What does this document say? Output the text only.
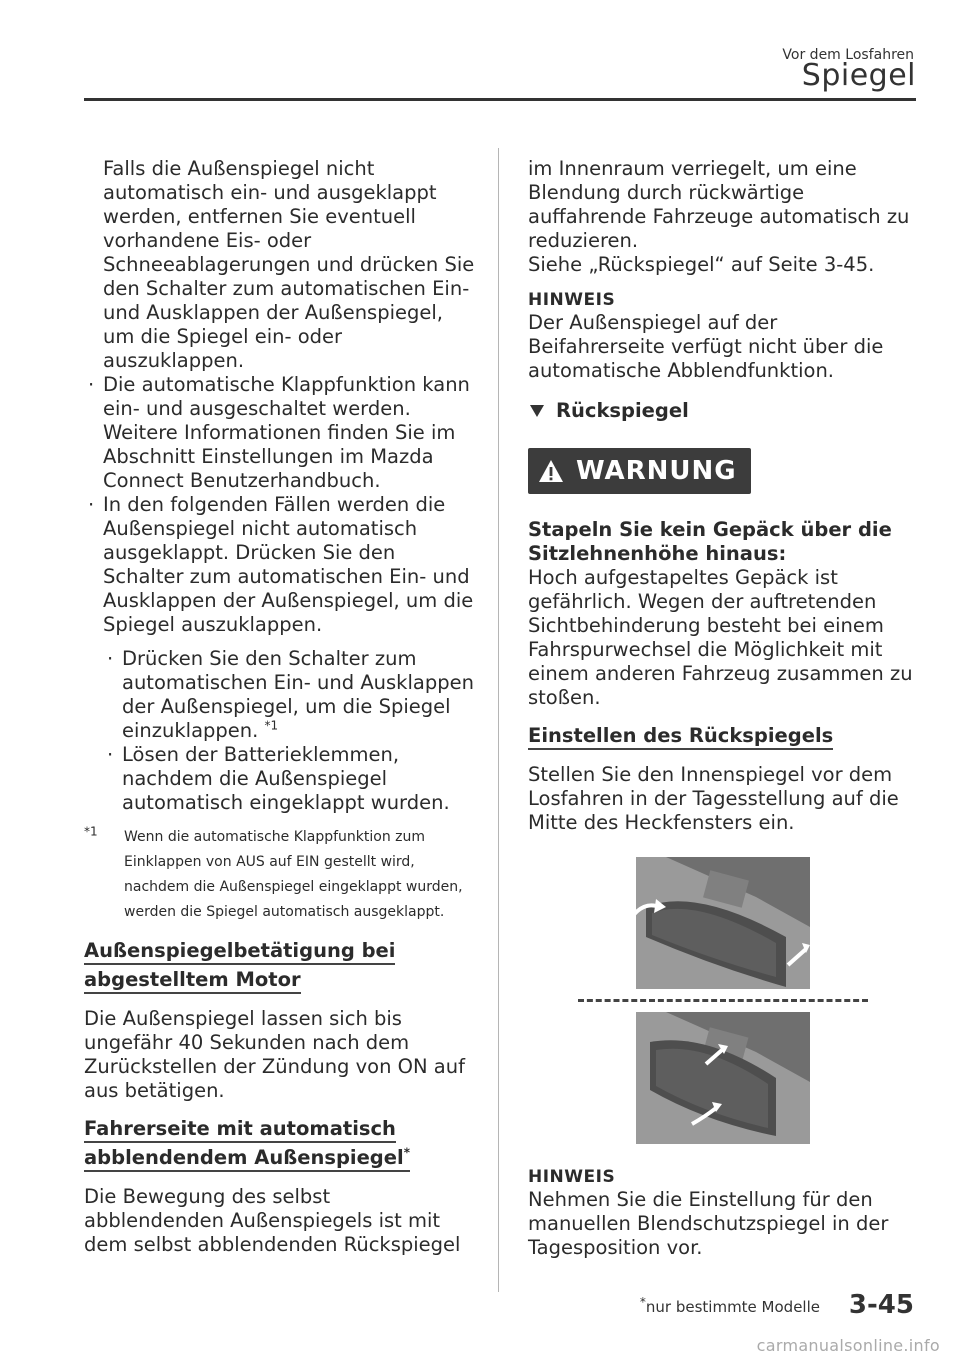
Vor dem Losfahren
Spiegel

Falls die Außenspiegel nicht automatisch ein- und ausgeklappt werden, entfernen Sie eventuell vorhandene Eis- oder Schneeablagerungen und drücken Sie den Schalter zum automatischen Ein- und Ausklappen der Außenspiegel, um die Spiegel ein- oder auszuklappen.

· Die automatische Klappfunktion kann ein- und ausgeschaltet werden. Weitere Informationen finden Sie im Abschnitt Einstellungen im Mazda Connect Benutzerhandbuch.

· In den folgenden Fällen werden die Außenspiegel nicht automatisch ausgeklappt. Drücken Sie den Schalter zum automatischen Ein- und Ausklappen der Außenspiegel, um die Spiegel auszuklappen.

· Drücken Sie den Schalter zum automatischen Ein- und Ausklappen der Außenspiegel, um die Spiegel einzuklappen. $^{*1}$

· Lösen der Batterieklemmen, nachdem die Außenspiegel automatisch eingeklappt wurden.

*1 Wenn die automatische Klappfunktion zum Einklappen von AUS auf EIN gestellt wird, nachdem die Außenspiegel eingeklappt wurden, werden die Spiegel automatisch ausgeklappt.

Außenspiegelbetätigung bei
abgestelltem Motor

Die Außenspiegel lassen sich bis ungefähr 40 Sekunden nach dem Zurückstellen der Zündung von ON auf aus betätigen.

Fahrerseite mit automatisch
abblendendem Außenspiegel*

Die Bewegung des selbst abblendenden Außenspiegels ist mit dem selbst abblendenden Rückspiegel

im Innenraum verriegelt, um eine Blendung durch rückwärtige auffahrende Fahrzeuge automatisch zu reduzieren.

Siehe „Rückspiegel“ auf Seite 3-45.

HINWEIS

Der Außenspiegel auf der Beifahrerseite verfügt nicht über die automatische Abblendfunktion.

Rückspiegel
WARNUNG

Stapeln Sie kein Gepäck über die Sitzlehnenhöhe hinaus:

Hoch aufgestapeltes Gepäck ist gefährlich. Wegen der auftretenden Sichtbehinderung besteht bei einem Fahrspurwechsel die Möglichkeit mit einem anderen Fahrzeug zusammen zu stoßen.

Einstellen des Rückspiegels

Stellen Sie den Innenspiegel vor dem Losfahren in der Tagesstellung auf die Mitte des Heckfensters ein.

HINWEIS

Nehmen Sie die Einstellung für den manuellen Blendschutzspiegel in der Tagesposition vor.

*nur bestimmte Modelle 3-45
carmanualsonline.info
